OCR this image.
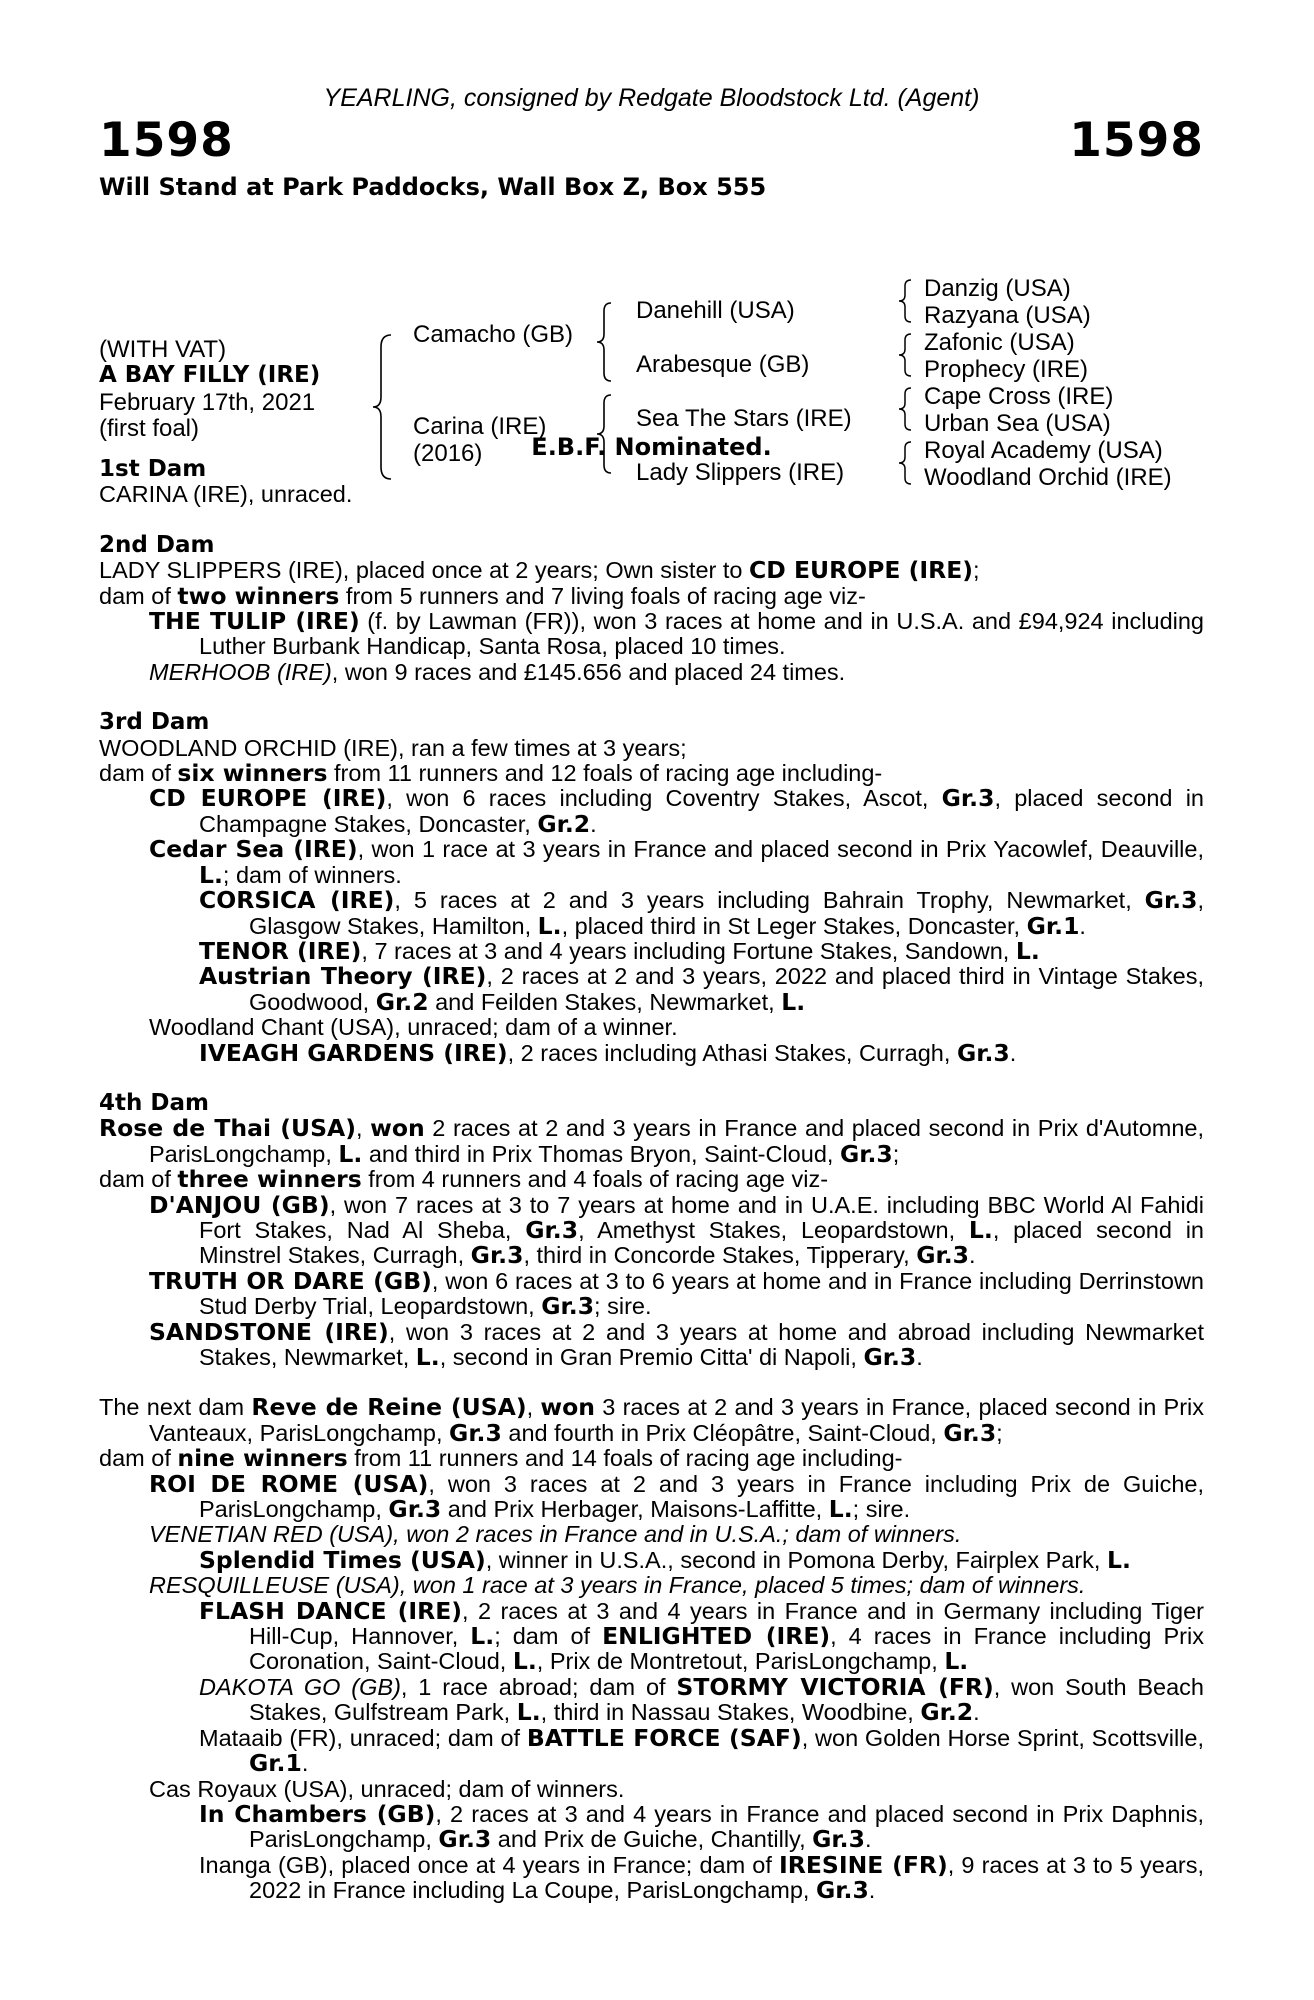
YEARLING, consigned by Redgate Bloodstock Ltd. (Agent)
1598	1598
Will Stand at Park Paddocks, Wall Box Z, Box 555
(WITH VAT)
A BAY FILLY (IRE)
February 17th, 2021
(first foal)
Camacho (GB)
Carina (IRE)
(2016)
Danehill (USA)
Arabesque (GB)
Sea The Stars (IRE)
Lady Slippers (IRE)
Danzig (USA)
Razyana (USA)
Zafonic (USA)
Prophecy (IRE)
Cape Cross (IRE)
Urban Sea (USA)
Royal Academy (USA)
Woodland Orchid (IRE)
E.B.F. Nominated.
1st Dam
CARINA (IRE), unraced.
2nd Dam
LADY SLIPPERS (IRE), placed once at 2 years; Own sister to CD EUROPE (IRE);
dam of two winners from 5 runners and 7 living foals of racing age viz-
THE TULIP (IRE) (f. by Lawman (FR)), won 3 races at home and in U.S.A. and £94,924 including Luther Burbank Handicap, Santa Rosa, placed 10 times.
MERHOOB (IRE), won 9 races and £145.656 and placed 24 times.
3rd Dam
WOODLAND ORCHID (IRE), ran a few times at 3 years;
dam of six winners from 11 runners and 12 foals of racing age including-
CD EUROPE (IRE), won 6 races including Coventry Stakes, Ascot, Gr.3, placed second in Champagne Stakes, Doncaster, Gr.2.
Cedar Sea (IRE), won 1 race at 3 years in France and placed second in Prix Yacowlef, Deauville, L.; dam of winners.
CORSICA (IRE), 5 races at 2 and 3 years including Bahrain Trophy, Newmarket, Gr.3, Glasgow Stakes, Hamilton, L., placed third in St Leger Stakes, Doncaster, Gr.1.
TENOR (IRE), 7 races at 3 and 4 years including Fortune Stakes, Sandown, L.
Austrian Theory (IRE), 2 races at 2 and 3 years, 2022 and placed third in Vintage Stakes, Goodwood, Gr.2 and Feilden Stakes, Newmarket, L.
Woodland Chant (USA), unraced; dam of a winner.
IVEAGH GARDENS (IRE), 2 races including Athasi Stakes, Curragh, Gr.3.
4th Dam
Rose de Thai (USA), won 2 races at 2 and 3 years in France and placed second in Prix d'Automne, ParisLongchamp, L. and third in Prix Thomas Bryon, Saint-Cloud, Gr.3;
dam of three winners from 4 runners and 4 foals of racing age viz-
D'ANJOU (GB), won 7 races at 3 to 7 years at home and in U.A.E. including BBC World Al Fahidi Fort Stakes, Nad Al Sheba, Gr.3, Amethyst Stakes, Leopardstown, L., placed second in Minstrel Stakes, Curragh, Gr.3, third in Concorde Stakes, Tipperary, Gr.3.
TRUTH OR DARE (GB), won 6 races at 3 to 6 years at home and in France including Derrinstown Stud Derby Trial, Leopardstown, Gr.3; sire.
SANDSTONE (IRE), won 3 races at 2 and 3 years at home and abroad including Newmarket Stakes, Newmarket, L., second in Gran Premio Citta' di Napoli, Gr.3.
The next dam Reve de Reine (USA), won 3 races at 2 and 3 years in France, placed second in Prix Vanteaux, ParisLongchamp, Gr.3 and fourth in Prix Cléopâtre, Saint-Cloud, Gr.3;
dam of nine winners from 11 runners and 14 foals of racing age including-
ROI DE ROME (USA), won 3 races at 2 and 3 years in France including Prix de Guiche, ParisLongchamp, Gr.3 and Prix Herbager, Maisons-Laffitte, L.; sire.
VENETIAN RED (USA), won 2 races in France and in U.S.A.; dam of winners.
Splendid Times (USA), winner in U.S.A., second in Pomona Derby, Fairplex Park, L.
RESQUILLEUSE (USA), won 1 race at 3 years in France, placed 5 times; dam of winners.
FLASH DANCE (IRE), 2 races at 3 and 4 years in France and in Germany including Tiger Hill-Cup, Hannover, L.; dam of ENLIGHTED (IRE), 4 races in France including Prix Coronation, Saint-Cloud, L., Prix de Montretout, ParisLongchamp, L.
DAKOTA GO (GB), 1 race abroad; dam of STORMY VICTORIA (FR), won South Beach Stakes, Gulfstream Park, L., third in Nassau Stakes, Woodbine, Gr.2.
Mataaib (FR), unraced; dam of BATTLE FORCE (SAF), won Golden Horse Sprint, Scottsville, Gr.1.
Cas Royaux (USA), unraced; dam of winners.
In Chambers (GB), 2 races at 3 and 4 years in France and placed second in Prix Daphnis, ParisLongchamp, Gr.3 and Prix de Guiche, Chantilly, Gr.3.
Inanga (GB), placed once at 4 years in France; dam of IRESINE (FR), 9 races at 3 to 5 years, 2022 in France including La Coupe, ParisLongchamp, Gr.3.
